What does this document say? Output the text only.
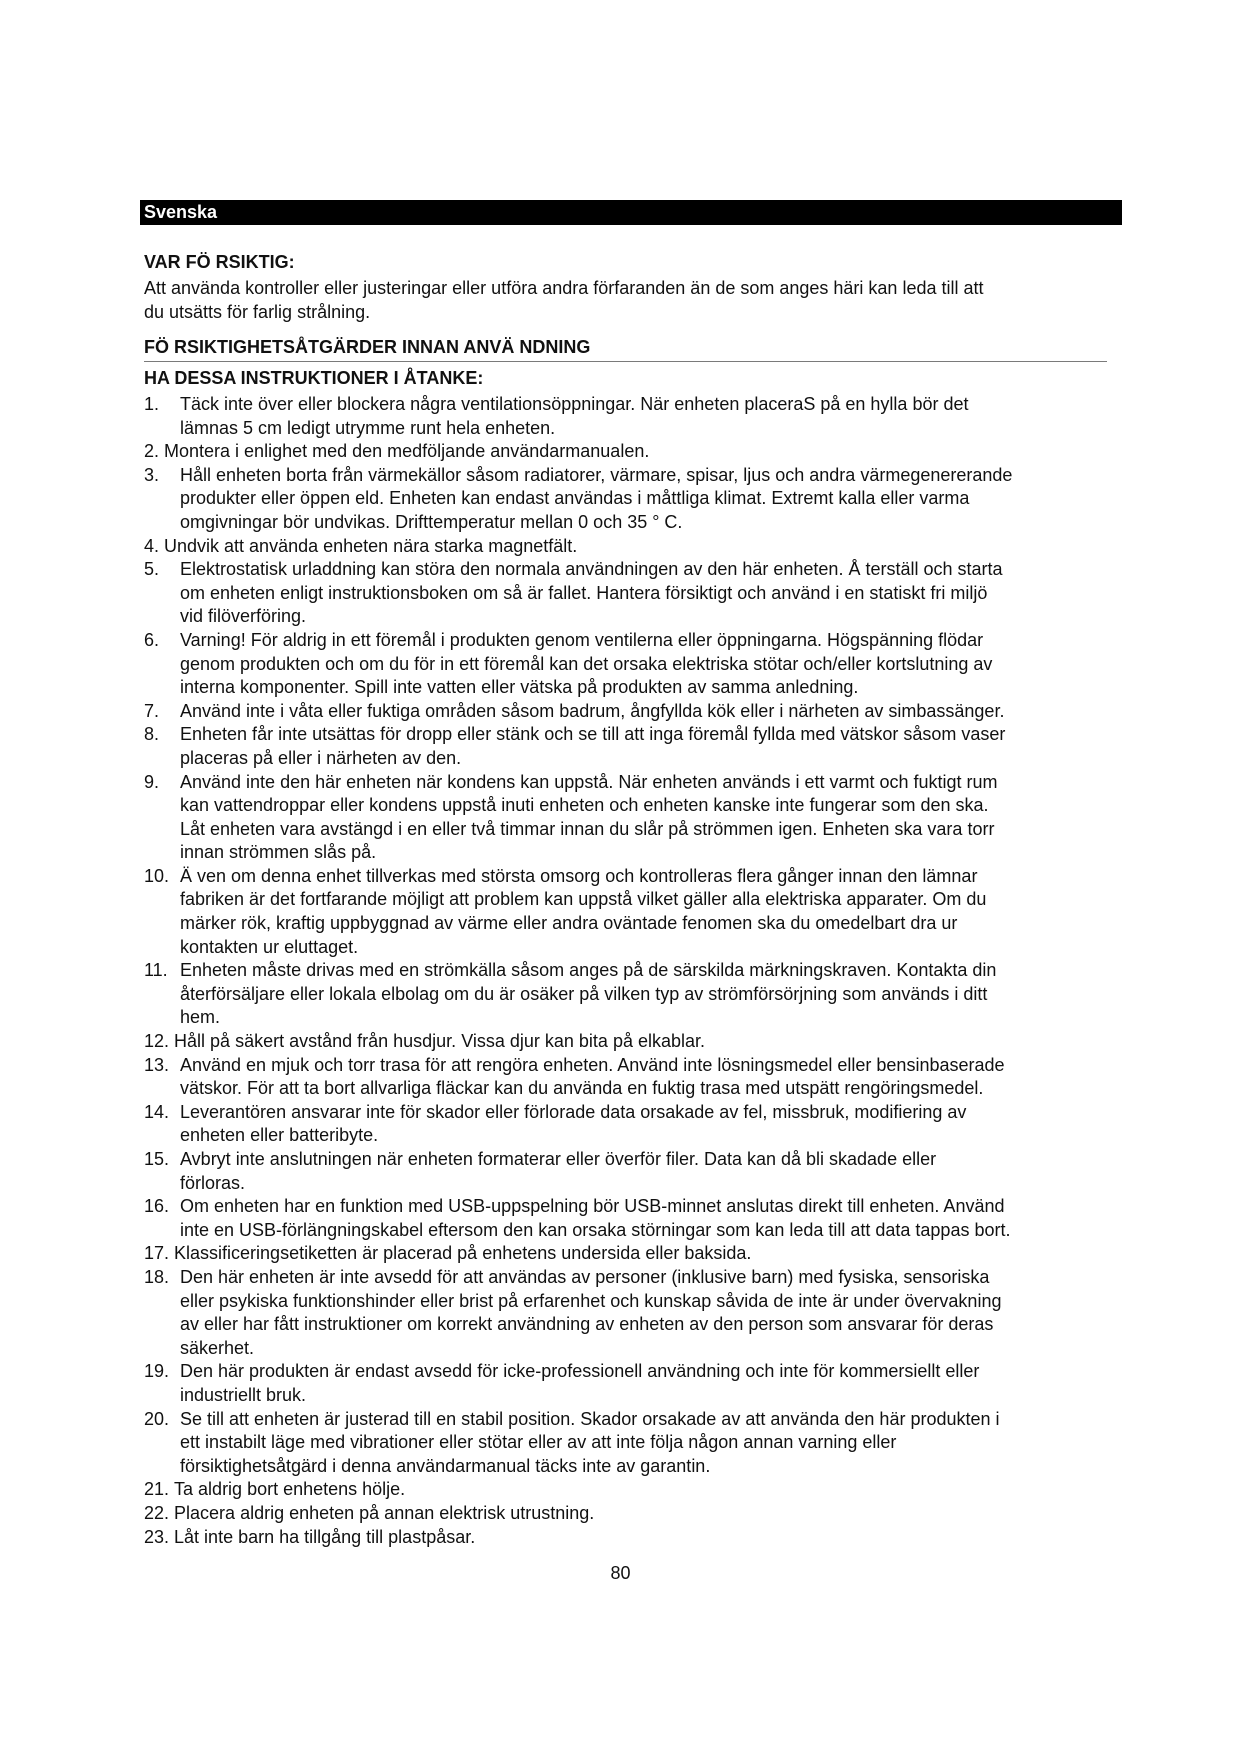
Svenska
VAR FÖ RSIKTIG:
Att använda kontroller eller justeringar eller utföra andra förfaranden än de som anges häri kan leda till att
du utsätts för farlig strålning.
FÖ RSIKTIGHETSÅTGÄRDER INNAN ANVÄ NDNING
HA DESSA INSTRUKTIONER I ÅTANKE:
1. Täck inte över eller blockera några ventilationsöppningar. När enheten placeraS på en hylla bör det
lämnas 5 cm ledigt utrymme runt hela enheten.
2. Montera i enlighet med den medföljande användarmanualen.
3. Håll enheten borta från värmekällor såsom radiatorer, värmare, spisar, ljus och andra värmegenererande
produkter eller öppen eld. Enheten kan endast användas i måttliga klimat. Extremt kalla eller varma
omgivningar bör undvikas. Drifttemperatur mellan 0 och 35 ° C.
4. Undvik att använda enheten nära starka magnetfält.
5. Elektrostatisk urladdning kan störa den normala användningen av den här enheten. Å terställ och starta
om enheten enligt instruktionsboken om så är fallet. Hantera försiktigt och använd i en statiskt fri miljö
vid filöverföring.
6. Varning! För aldrig in ett föremål i produkten genom ventilerna eller öppningarna. Högspänning flödar
genom produkten och om du för in ett föremål kan det orsaka elektriska stötar och/eller kortslutning av
interna komponenter. Spill inte vatten eller vätska på produkten av samma anledning.
7. Använd inte i våta eller fuktiga områden såsom badrum, ångfyllda kök eller i närheten av simbassänger.
8. Enheten får inte utsättas för dropp eller stänk och se till att inga föremål fyllda med vätskor såsom vaser
placeras på eller i närheten av den.
9. Använd inte den här enheten när kondens kan uppstå. När enheten används i ett varmt och fuktigt rum
kan vattendroppar eller kondens uppstå inuti enheten och enheten kanske inte fungerar som den ska.
Låt enheten vara avstängd i en eller två timmar innan du slår på strömmen igen. Enheten ska vara torr
innan strömmen slås på.
10. Ä ven om denna enhet tillverkas med största omsorg och kontrolleras flera gånger innan den lämnar
fabriken är det fortfarande möjligt att problem kan uppstå vilket gäller alla elektriska apparater. Om du
märker rök, kraftig uppbyggnad av värme eller andra oväntade fenomen ska du omedelbart dra ur
kontakten ur eluttaget.
11. Enheten måste drivas med en strömkälla såsom anges på de särskilda märkningskraven. Kontakta din
återförsäljare eller lokala elbolag om du är osäker på vilken typ av strömförsörjning som används i ditt
hem.
12. Håll på säkert avstånd från husdjur. Vissa djur kan bita på elkablar.
13. Använd en mjuk och torr trasa för att rengöra enheten. Använd inte lösningsmedel eller bensinbaserade
vätskor. För att ta bort allvarliga fläckar kan du använda en fuktig trasa med utspätt rengöringsmedel.
14. Leverantören ansvarar inte för skador eller förlorade data orsakade av fel, missbruk, modifiering av
enheten eller batteribyte.
15. Avbryt inte anslutningen när enheten formaterar eller överför filer. Data kan då bli skadade eller
förloras.
16. Om enheten har en funktion med USB-uppspelning bör USB-minnet anslutas direkt till enheten. Använd
inte en USB-förlängningskabel eftersom den kan orsaka störningar som kan leda till att data tappas bort.
17. Klassificeringsetiketten är placerad på enhetens undersida eller baksida.
18. Den här enheten är inte avsedd för att användas av personer (inklusive barn) med fysiska, sensoriska
eller psykiska funktionshinder eller brist på erfarenhet och kunskap såvida de inte är under övervakning
av eller har fått instruktioner om korrekt användning av enheten av den person som ansvarar för deras
säkerhet.
19. Den här produkten är endast avsedd för icke-professionell användning och inte för kommersiellt eller
industriellt bruk.
20. Se till att enheten är justerad till en stabil position. Skador orsakade av att använda den här produkten i
ett instabilt läge med vibrationer eller stötar eller av att inte följa någon annan varning eller
försiktighetsåtgärd i denna användarmanual täcks inte av garantin.
21. Ta aldrig bort enhetens hölje.
22. Placera aldrig enheten på annan elektrisk utrustning.
23. Låt inte barn ha tillgång till plastpåsar.
80
